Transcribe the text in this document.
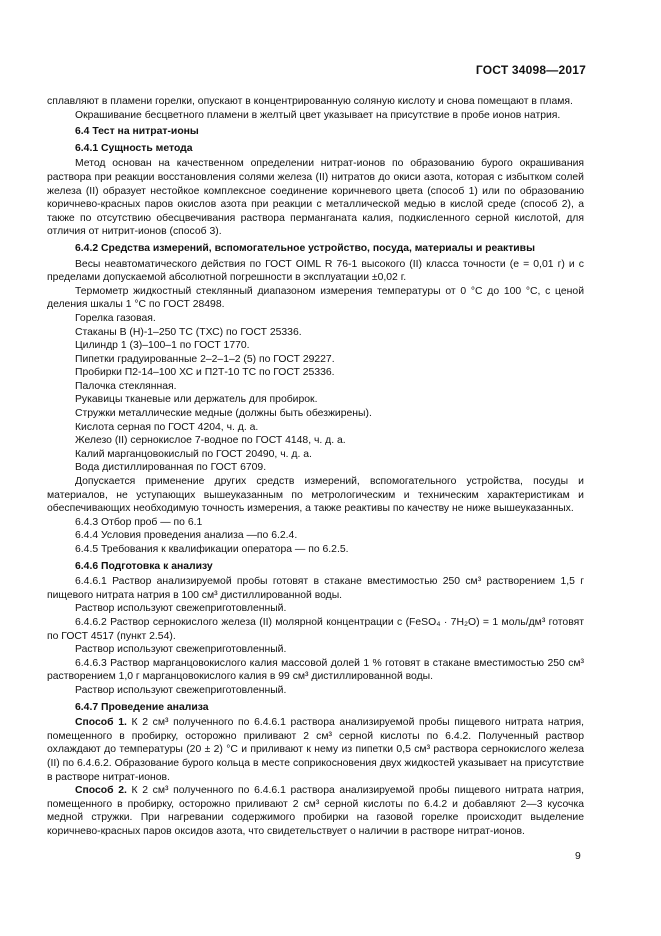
ГОСТ 34098—2017

сплавляют в пламени горелки, опускают в концентрированную соляную кислоту и снова помещают в пламя.

Окрашивание бесцветного пламени в желтый цвет указывает на присутствие в пробе ионов натрия.

6.4 Тест на нитрат-ионы

6.4.1 Сущность метода

Метод основан на качественном определении нитрат-ионов по образованию бурого окрашивания раствора при реакции восстановления солями железа (II) нитратов до окиси азота, которая с избытком солей железа (II) образует нестойкое комплексное соединение коричневого цвета (способ 1) или по образованию коричнево-красных паров окислов азота при реакции с металлической медью в кислой среде (способ 2), а также по отсутствию обесцвечивания раствора перманганата калия, подкисленного серной кислотой, для отличия от нитрит-ионов (способ 3).

6.4.2 Средства измерений, вспомогательное устройство, посуда, материалы и реактивы

Весы неавтоматического действия по ГОСТ OIML R 76-1 высокого (II) класса точности (е = 0,01 г) и с пределами допускаемой абсолютной погрешности в эксплуатации ±0,02 г.

Термометр жидкостный стеклянный диапазоном измерения температуры от 0 °С до 100 °С, с ценой деления шкалы 1 °С по ГОСТ 28498.

Горелка газовая.

Стаканы В (Н)-1–250 ТС (ТХС) по ГОСТ 25336.

Цилиндр 1 (3)–100–1 по ГОСТ 1770.

Пипетки градуированные 2–2–1–2 (5) по ГОСТ 29227.

Пробирки П2-14–100 ХС и П2Т-10 ТС по ГОСТ 25336.

Палочка стеклянная.

Рукавицы тканевые или держатель для пробирок.

Стружки металлические медные (должны быть обезжирены).

Кислота серная по ГОСТ 4204, ч. д. а.

Железо (II) сернокислое 7-водное по ГОСТ 4148, ч. д. а.

Калий марганцовокислый по ГОСТ 20490, ч. д. а.

Вода дистиллированная по ГОСТ 6709.

Допускается применение других средств измерений, вспомогательного устройства, посуды и материалов, не уступающих вышеуказанным по метрологическим и техническим характеристикам и обеспечивающих необходимую точность измерения, а также реактивы по качеству не ниже вышеуказанных.

6.4.3 Отбор проб — по 6.1

6.4.4 Условия проведения анализа —по 6.2.4.

6.4.5 Требования к квалификации оператора — по 6.2.5.

6.4.6 Подготовка к анализу

6.4.6.1 Раствор анализируемой пробы готовят в стакане вместимостью 250 см³ растворением 1,5 г пищевого нитрата натрия в 100 см³ дистиллированной воды.

Раствор используют свежеприготовленный.

6.4.6.2 Раствор сернокислого железа (II) молярной концентрации c (FeSO₄ · 7H₂O) = 1 моль/дм³ готовят по ГОСТ 4517 (пункт 2.54).

Раствор используют свежеприготовленный.

6.4.6.3 Раствор марганцовокислого калия массовой долей 1 % готовят в стакане вместимостью 250 см³ растворением 1,0 г марганцовокислого калия в 99 см³ дистиллированной воды.

Раствор используют свежеприготовленный.

6.4.7 Проведение анализа

Способ 1. К 2 см³ полученного по 6.4.6.1 раствора анализируемой пробы пищевого нитрата натрия, помещенного в пробирку, осторожно приливают 2 см³ серной кислоты по 6.4.2. Полученный раствор охлаждают до температуры (20 ± 2) °С и приливают к нему из пипетки 0,5 см³ раствора сернокислого железа (II) по 6.4.6.2. Образование бурого кольца в месте соприкосновения двух жидкостей указывает на присутствие в растворе нитрат-ионов.

Способ 2. К 2 см³ полученного по 6.4.6.1 раствора анализируемой пробы пищевого нитрата натрия, помещенного в пробирку, осторожно приливают 2 см³ серной кислоты по 6.4.2 и добавляют 2—3 кусочка медной стружки. При нагревании содержимого пробирки на газовой горелке происходит выделение коричнево-красных паров оксидов азота, что свидетельствует о наличии в растворе нитрат-ионов.

9
